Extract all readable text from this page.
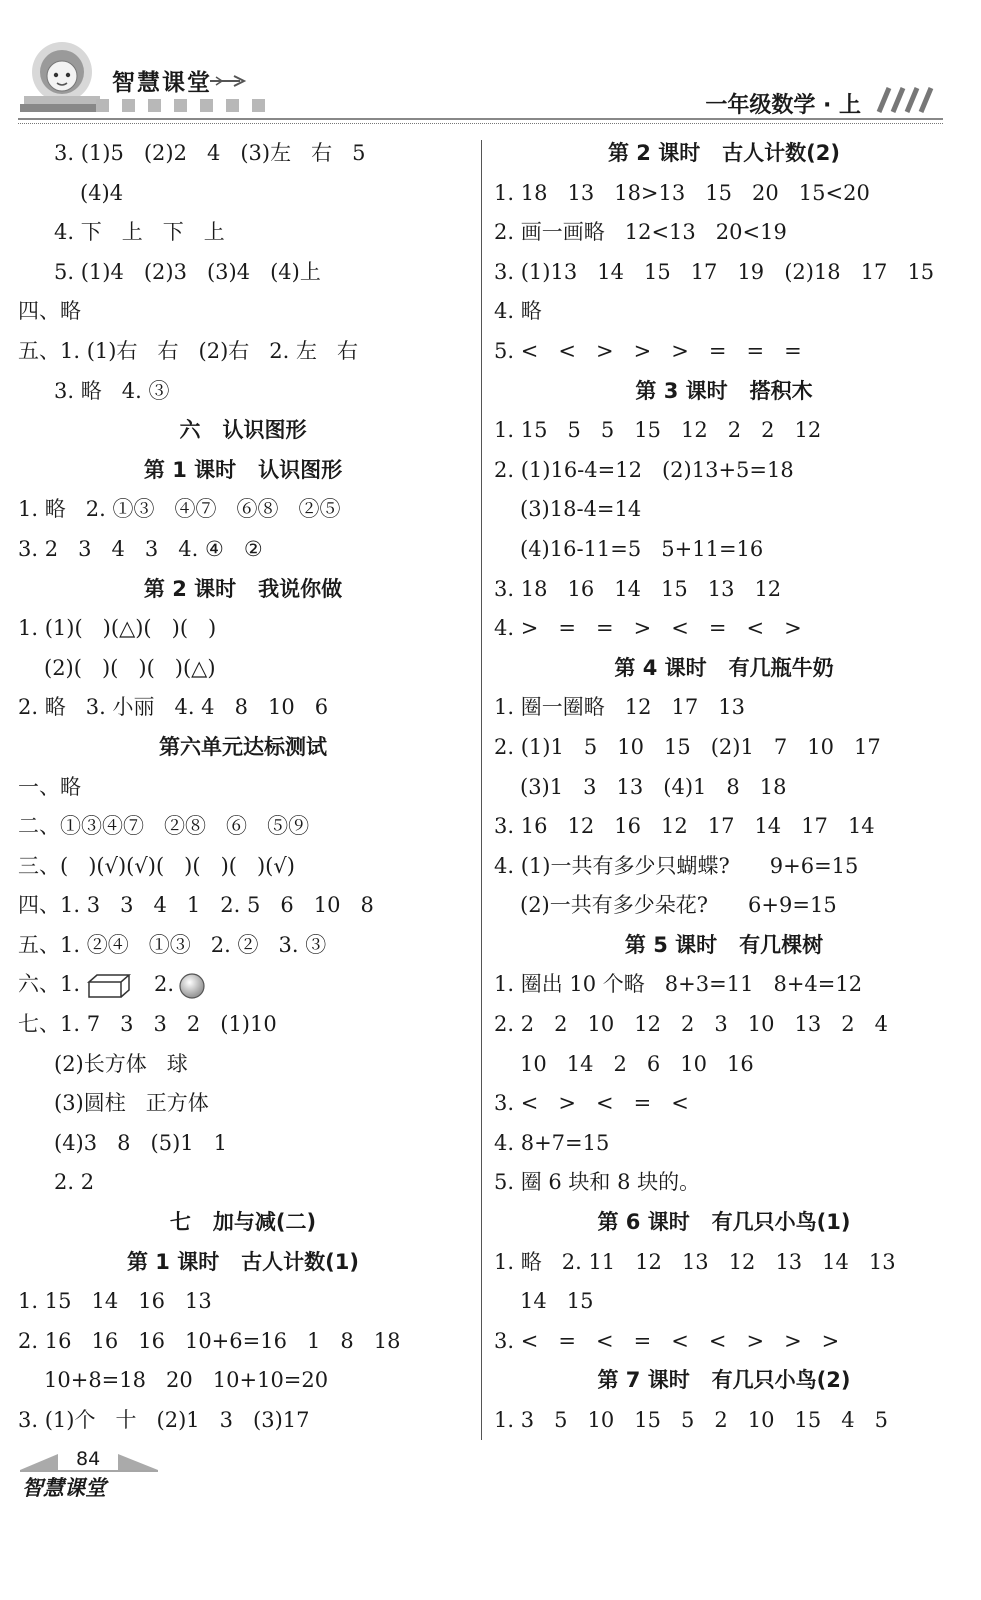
智慧课堂
一年级数学 · 上
3. (1)5   (2)2   4   (3)左   右   5
(4)4
4. 下   上   下   上
5. (1)4   (2)3   (3)4   (4)上
四、略
五、1. (1)右   右   (2)右   2. 左   右
3. 略   4. ③
六   认识图形
第 1 课时   认识图形
1. 略   2. ①③   ④⑦   ⑥⑧   ②⑤
3. 2   3   4   3   4. ④   ②
第 2 课时   我说你做
1. (1)(   )(△)(   )(   )
(2)(   )(   )(   )(△)
2. 略   3. 小丽   4. 4   8   10   6
第六单元达标测试
一、略
二、①③④⑦   ②⑧   ⑥   ⑤⑨
三、(   )(√)(√)(   )(   )(   )(√)
四、1. 3   3   4   1   2. 5   6   10   8
五、1. ②④   ①③   2. ②   3. ③
六、1.	2.
七、1. 7   3   3   2   (1)10
(2)长方体   球
(3)圆柱   正方体
(4)3   8   (5)1   1
2. 2
七   加与减(二)
第 1 课时   古人计数(1)
1. 15   14   16   13
2. 16   16   16   10+6=16   1   8   18
10+8=18   20   10+10=20
3. (1)个   十   (2)1   3   (3)17
第 2 课时   古人计数(2)
1. 18   13   18>13   15   20   15<20
2. 画一画略   12<13   20<19
3. (1)13   14   15   17   19   (2)18   17   15
4. 略
5. <   <   >   >   >   =   =   =
第 3 课时   搭积木
1. 15   5   5   15   12   2   2   12
2. (1)16-4=12   (2)13+5=18
(3)18-4=14
(4)16-11=5   5+11=16
3. 18   16   14   15   13   12
4. >   =   =   >   <   =   <   >
第 4 课时   有几瓶牛奶
1. 圈一圈略   12   17   13
2. (1)1   5   10   15   (2)1   7   10   17
(3)1   3   13   (4)1   8   18
3. 16   12   16   12   17   14   17   14
4. (1)一共有多少只蝴蝶?      9+6=15
(2)一共有多少朵花?      6+9=15
第 5 课时   有几棵树
1. 圈出 10 个略   8+3=11   8+4=12
2. 2   2   10   12   2   3   10   13   2   4
10   14   2   6   10   16
3. <   >   <   =   <
4. 8+7=15
5. 圈 6 块和 8 块的。
第 6 课时   有几只小鸟(1)
1. 略   2. 11   12   13   12   13   14   13
14   15
3. <   =   <   =   <   <   >   >   >
第 7 课时   有几只小鸟(2)
1. 3   5   10   15   5   2   10   15   4   5
84
智慧课堂
